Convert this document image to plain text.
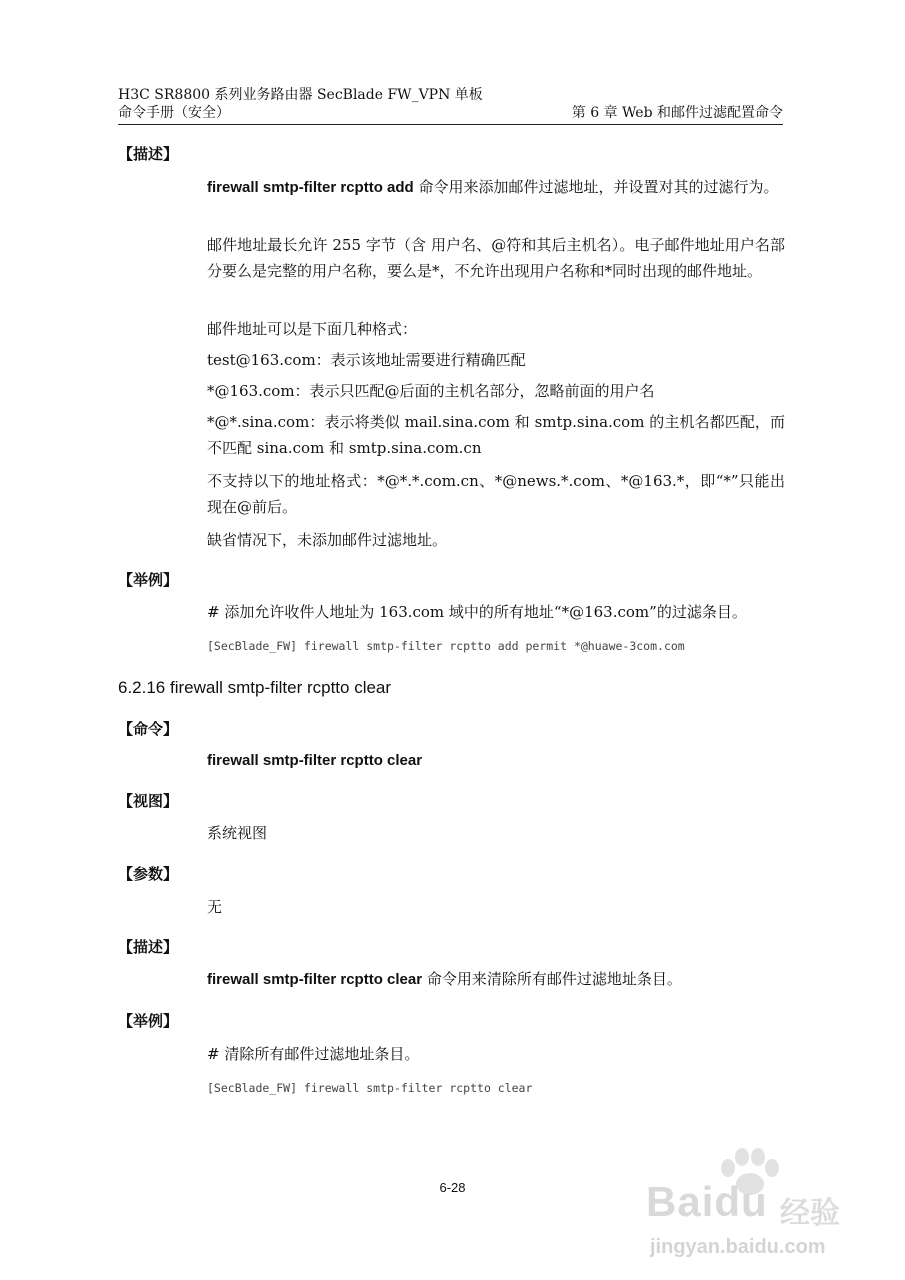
H3C SR8800 系列业务路由器 SecBlade FW_VPN 单板
命令手册（安全）	第 6 章 Web 和邮件过滤配置命令
【描述】
firewall smtp-filter rcptto add 命令用来添加邮件过滤地址，并设置对其的过滤行为。
邮件地址最长允许 255 字节（含 用户名、@符和其后主机名）。电子邮件地址用户名部分要么是完整的用户名称，要么是*，不允许出现用户名称和*同时出现的邮件地址。
邮件地址可以是下面几种格式：
test@163.com：表示该地址需要进行精确匹配
*@163.com：表示只匹配@后面的主机名部分，忽略前面的用户名
*@*.sina.com：表示将类似 mail.sina.com 和 smtp.sina.com 的主机名都匹配，而不匹配 sina.com 和 smtp.sina.com.cn
不支持以下的地址格式：*@*.*.com.cn、*@news.*.com、*@163.*，即“*”只能出现在@前后。
缺省情况下，未添加邮件过滤地址。
【举例】
# 添加允许收件人地址为 163.com 域中的所有地址“*@163.com”的过滤条目。
[SecBlade_FW] firewall smtp-filter rcptto add permit *@huawe-3com.com
6.2.16 firewall smtp-filter rcptto clear
【命令】
firewall smtp-filter rcptto clear
【视图】
系统视图
【参数】
无
【描述】
firewall smtp-filter rcptto clear 命令用来清除所有邮件过滤地址条目。
【举例】
# 清除所有邮件过滤地址条目。
[SecBlade_FW] firewall smtp-filter rcptto clear
6-28	Baidu 经验
jingyan.baidu.com
